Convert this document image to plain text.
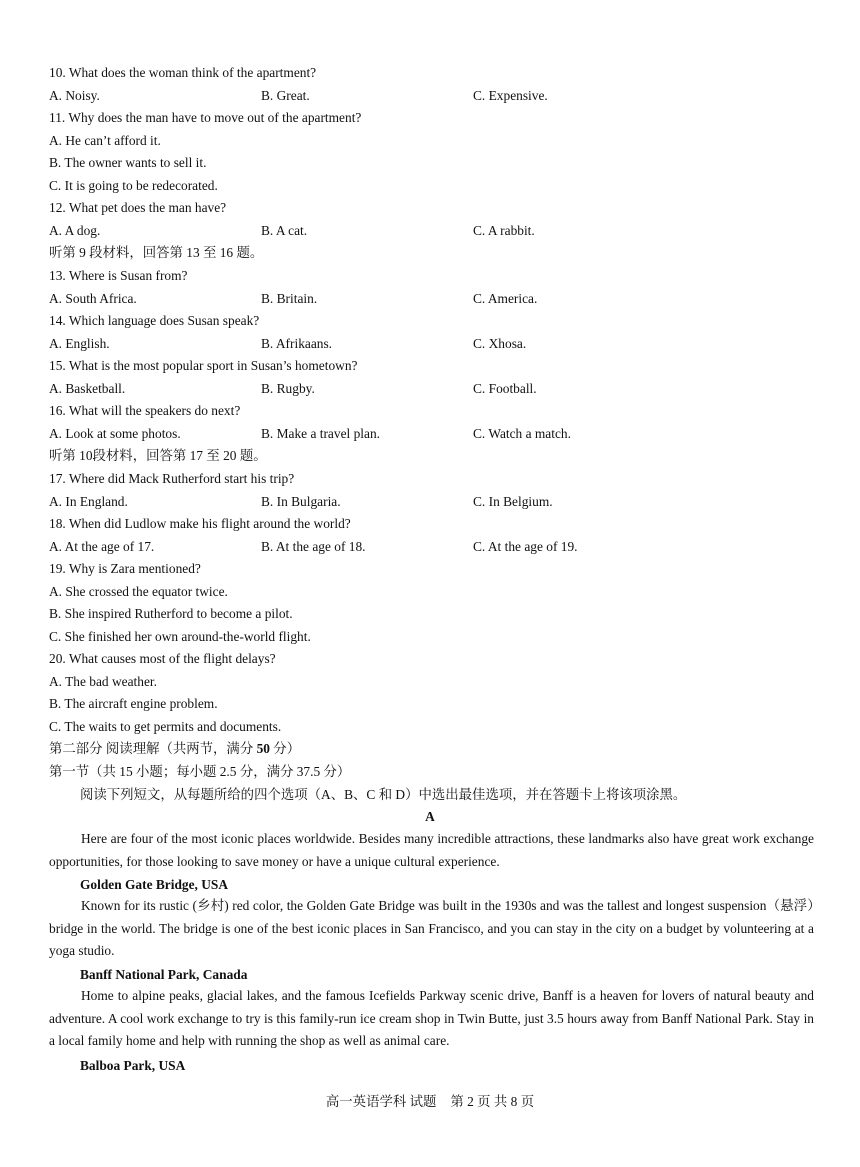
10. What does the woman think of the apartment?
A. Noisy.	B. Great.	C. Expensive.
11. Why does the man have to move out of the apartment?
A. He can’t afford it.
B. The owner wants to sell it.
C. It is going to be redecorated.
12. What pet does the man have?
A. A dog.	B. A cat.	C. A rabbit.
听第 9 段材料，回答第 13 至 16 题。
13. Where is Susan from?
A. South Africa.	B. Britain.	C. America.
14. Which language does Susan speak?
A. English.	B. Afrikaans.	C. Xhosa.
15. What is the most popular sport in Susan’s hometown?
A. Basketball.	B. Rugby.	C. Football.
16. What will the speakers do next?
A. Look at some photos.	B. Make a travel plan.	C. Watch a match.
听第 10段材料，回答第 17 至 20 题。
17. Where did Mack Rutherford start his trip?
A. In England.	B. In Bulgaria.	C. In Belgium.
18. When did Ludlow make his flight around the world?
A. At the age of 17.	B. At the age of 18.	C. At the age of 19.
19. Why is Zara mentioned?
A. She crossed the equator twice.
B. She inspired Rutherford to become a pilot.
C. She finished her own around-the-world flight.
20. What causes most of the flight delays?
A. The bad weather.
B. The aircraft engine problem.
C. The waits to get permits and documents.
第二部分 阅读理解（共两节，满分 50 分）
第一节（共 15 小题；每小题 2.5 分，满分 37.5 分）
阅读下列短文，从每题所给的四个选项（A、B、C 和 D）中选出最佳选项，并在答题卡上将该项涂黑。
A
Here are four of the most iconic places worldwide. Besides many incredible attractions, these landmarks also have great work exchange opportunities, for those looking to save money or have a unique cultural experience.
Golden Gate Bridge, USA
Known for its rustic (乡村) red color, the Golden Gate Bridge was built in the 1930s and was the tallest and longest suspension（悬浮）bridge in the world. The bridge is one of the best iconic places in San Francisco, and you can stay in the city on a budget by volunteering at a yoga studio.
Banff National Park, Canada
Home to alpine peaks, glacial lakes, and the famous Icefields Parkway scenic drive, Banff is a heaven for lovers of natural beauty and adventure. A cool work exchange to try is this family-run ice cream shop in Twin Butte, just 3.5 hours away from Banff National Park. Stay in a local family home and help with running the shop as well as animal care.
Balboa Park, USA
高一英语学科 试题 第 2 页 共 8 页
